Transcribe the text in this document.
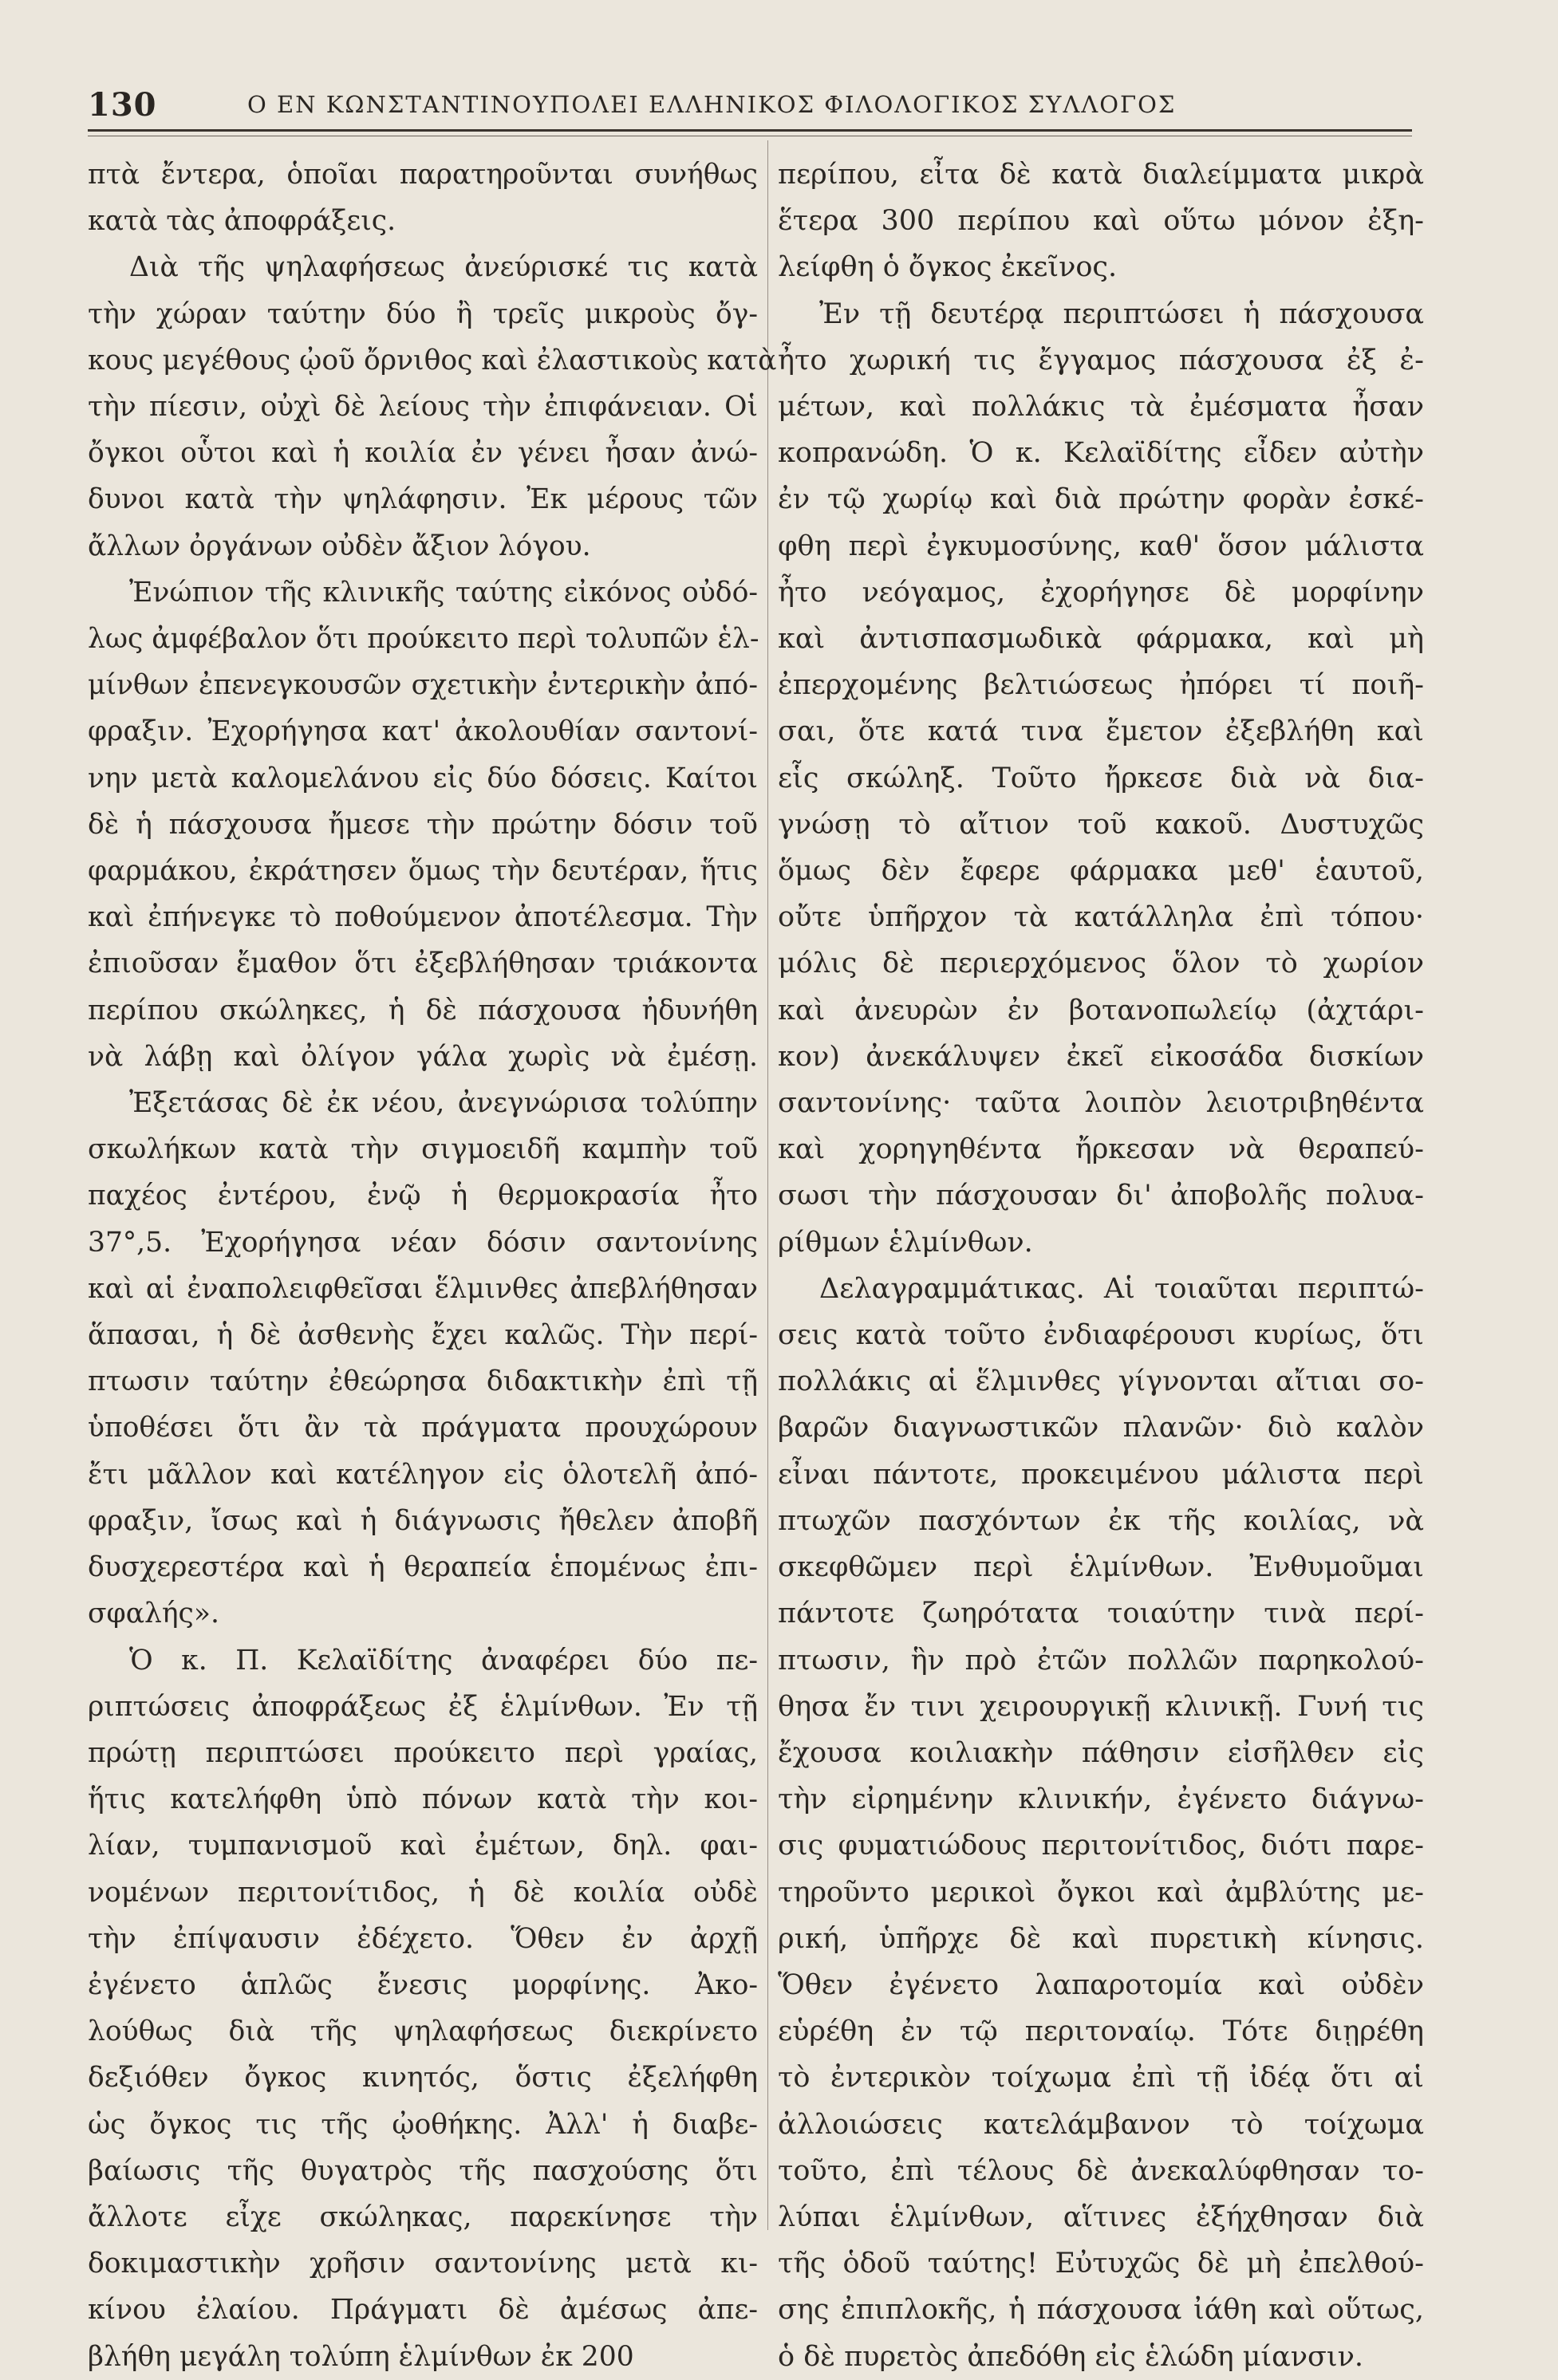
130	Ο ΕΝ ΚΩΝΣΤΑΝΤΙΝΟΥΠΟΛΕΙ ΕΛΛΗΝΙΚΟΣ ΦΙΛΟΛΟΓΙΚΟΣ ΣΥΛΛΟΓΟΣ
πτὰ ἔντερα, ὁποῖαι παρατηροῦνται συνήθως
κατὰ τὰς ἀποφράξεις.
Διὰ τῆς ψηλαφήσεως ἀνεύρισκέ τις κατὰ
τὴν χώραν ταύτην δύο ἢ τρεῖς μικροὺς ὄγ-
κους μεγέθους ᾠοῦ ὄρνιθος καὶ ἐλαστικοὺς κατὰ
τὴν πίεσιν, οὐχὶ δὲ λείους τὴν ἐπιφάνειαν. Οἱ
ὄγκοι οὗτοι καὶ ἡ κοιλία ἐν γένει ἦσαν ἀνώ-
δυνοι κατὰ τὴν ψηλάφησιν. Ἐκ μέρους τῶν
ἄλλων ὀργάνων οὐδὲν ἄξιον λόγου.
Ἐνώπιον τῆς κλινικῆς ταύτης εἰκόνος οὐδό-
λως ἀμφέβαλον ὅτι προύκειτο περὶ τολυπῶν ἑλ-
μίνθων ἐπενεγκουσῶν σχετικὴν ἐντερικὴν ἀπό-
φραξιν. Ἐχορήγησα κατ' ἀκολουθίαν σαντονί-
νην μετὰ καλομελάνου εἰς δύο δόσεις. Καίτοι
δὲ ἡ πάσχουσα ἤμεσε τὴν πρώτην δόσιν τοῦ
φαρμάκου, ἐκράτησεν ὅμως τὴν δευτέραν, ἥτις
καὶ ἐπήνεγκε τὸ ποθούμενον ἀποτέλεσμα. Τὴν
ἐπιοῦσαν ἔμαθον ὅτι ἐξεβλήθησαν τριάκοντα
περίπου σκώληκες, ἡ δὲ πάσχουσα ἠδυνήθη
νὰ λάβῃ καὶ ὀλίγον γάλα χωρὶς νὰ ἐμέσῃ.
Ἐξετάσας δὲ ἐκ νέου, ἀνεγνώρισα τολύπην
σκωλήκων κατὰ τὴν σιγμοειδῆ καμπὴν τοῦ
παχέος ἐντέρου, ἐνῷ ἡ θερμοκρασία ἦτο
37°,5. Ἐχορήγησα νέαν δόσιν σαντονίνης
καὶ αἱ ἐναπολειφθεῖσαι ἕλμινθες ἀπεβλήθησαν
ἅπασαι, ἡ δὲ ἀσθενὴς ἔχει καλῶς. Τὴν περί-
πτωσιν ταύτην ἐθεώρησα διδακτικὴν ἐπὶ τῇ
ὑποθέσει ὅτι ἂν τὰ πράγματα προυχώρουν
ἔτι μᾶλλον καὶ κατέληγον εἰς ὁλοτελῆ ἀπό-
φραξιν, ἴσως καὶ ἡ διάγνωσις ἤθελεν ἀποβῆ
δυσχερεστέρα καὶ ἡ θεραπεία ἑπομένως ἐπι-
σφαλής».
Ὁ κ. Π. Κελαϊδίτης ἀναφέρει δύο πε-
ριπτώσεις ἀποφράξεως ἐξ ἑλμίνθων. Ἐν τῇ
πρώτῃ περιπτώσει προύκειτο περὶ γραίας,
ἥτις κατελήφθη ὑπὸ πόνων κατὰ τὴν κοι-
λίαν, τυμπανισμοῦ καὶ ἐμέτων, δηλ. φαι-
νομένων περιτονίτιδος, ἡ δὲ κοιλία οὐδὲ
τὴν ἐπίψαυσιν ἐδέχετο. Ὅθεν ἐν ἀρχῇ
ἐγένετο ἁπλῶς ἔνεσις μορφίνης. Ἀκο-
λούθως διὰ τῆς ψηλαφήσεως διεκρίνετο
δεξιόθεν ὄγκος κινητός, ὅστις ἐξελήφθη
ὡς ὄγκος τις τῆς ᾠοθήκης. Ἀλλ' ἡ διαβε-
βαίωσις τῆς θυγατρὸς τῆς πασχούσης ὅτι
ἄλλοτε εἶχε σκώληκας, παρεκίνησε τὴν
δοκιμαστικὴν χρῆσιν σαντονίνης μετὰ κι-
κίνου ἐλαίου. Πράγματι δὲ ἀμέσως ἀπε-
βλήθη μεγάλη τολύπη ἑλμίνθων ἐκ 200
περίπου, εἶτα δὲ κατὰ διαλείμματα μικρὰ
ἕτερα 300 περίπου καὶ οὕτω μόνον ἐξη-
λείφθη ὁ ὄγκος ἐκεῖνος.
Ἐν τῇ δευτέρᾳ περιπτώσει ἡ πάσχουσα
ἦτο χωρική τις ἔγγαμος πάσχουσα ἐξ ἐ-
μέτων, καὶ πολλάκις τὰ ἐμέσματα ἦσαν
κοπρανώδη. Ὁ κ. Κελαϊδίτης εἶδεν αὐτὴν
ἐν τῷ χωρίῳ καὶ διὰ πρώτην φορὰν ἐσκέ-
φθη περὶ ἐγκυμοσύνης, καθ' ὅσον μάλιστα
ἦτο νεόγαμος, ἐχορήγησε δὲ μορφίνην
καὶ ἀντισπασμωδικὰ φάρμακα, καὶ μὴ
ἐπερχομένης βελτιώσεως ἠπόρει τί ποιῆ-
σαι, ὅτε κατά τινα ἔμετον ἐξεβλήθη καὶ
εἷς σκώληξ. Τοῦτο ἤρκεσε διὰ νὰ δια-
γνώσῃ τὸ αἴτιον τοῦ κακοῦ. Δυστυχῶς
ὅμως δὲν ἔφερε φάρμακα μεθ' ἑαυτοῦ,
οὔτε ὑπῆρχον τὰ κατάλληλα ἐπὶ τόπου·
μόλις δὲ περιερχόμενος ὅλον τὸ χωρίον
καὶ ἀνευρὼν ἐν βοτανοπωλείῳ (ἀχτάρι-
κον) ἀνεκάλυψεν ἐκεῖ εἰκοσάδα δισκίων
σαντονίνης· ταῦτα λοιπὸν λειοτριβηθέντα
καὶ χορηγηθέντα ἤρκεσαν νὰ θεραπεύ-
σωσι τὴν πάσχουσαν δι' ἀποβολῆς πολυα-
ρίθμων ἑλμίνθων.
Δελαγραμμάτικας. Αἱ τοιαῦται περιπτώ-
σεις κατὰ τοῦτο ἐνδιαφέρουσι κυρίως, ὅτι
πολλάκις αἱ ἕλμινθες γίγνονται αἴτιαι σο-
βαρῶν διαγνωστικῶν πλανῶν· διὸ καλὸν
εἶναι πάντοτε, προκειμένου μάλιστα περὶ
πτωχῶν πασχόντων ἐκ τῆς κοιλίας, νὰ
σκεφθῶμεν περὶ ἑλμίνθων. Ἐνθυμοῦμαι
πάντοτε ζωηρότατα τοιαύτην τινὰ περί-
πτωσιν, ἣν πρὸ ἐτῶν πολλῶν παρηκολού-
θησα ἔν τινι χειρουργικῇ κλινικῇ. Γυνή τις
ἔχουσα κοιλιακὴν πάθησιν εἰσῆλθεν εἰς
τὴν εἰρημένην κλινικήν, ἐγένετο διάγνω-
σις φυματιώδους περιτονίτιδος, διότι παρε-
τηροῦντο μερικοὶ ὄγκοι καὶ ἀμβλύτης με-
ρική, ὑπῆρχε δὲ καὶ πυρετικὴ κίνησις.
Ὅθεν ἐγένετο λαπαροτομία καὶ οὐδὲν
εὑρέθη ἐν τῷ περιτοναίῳ. Τότε διῃρέθη
τὸ ἐντερικὸν τοίχωμα ἐπὶ τῇ ἰδέᾳ ὅτι αἱ
ἀλλοιώσεις κατελάμβανον τὸ τοίχωμα
τοῦτο, ἐπὶ τέλους δὲ ἀνεκαλύφθησαν το-
λύπαι ἑλμίνθων, αἵτινες ἐξήχθησαν διὰ
τῆς ὁδοῦ ταύτης! Εὐτυχῶς δὲ μὴ ἐπελθού-
σης ἐπιπλοκῆς, ἡ πάσχουσα ἰάθη καὶ οὕτως,
ὁ δὲ πυρετὸς ἀπεδόθη εἰς ἑλώδη μίανσιν.
